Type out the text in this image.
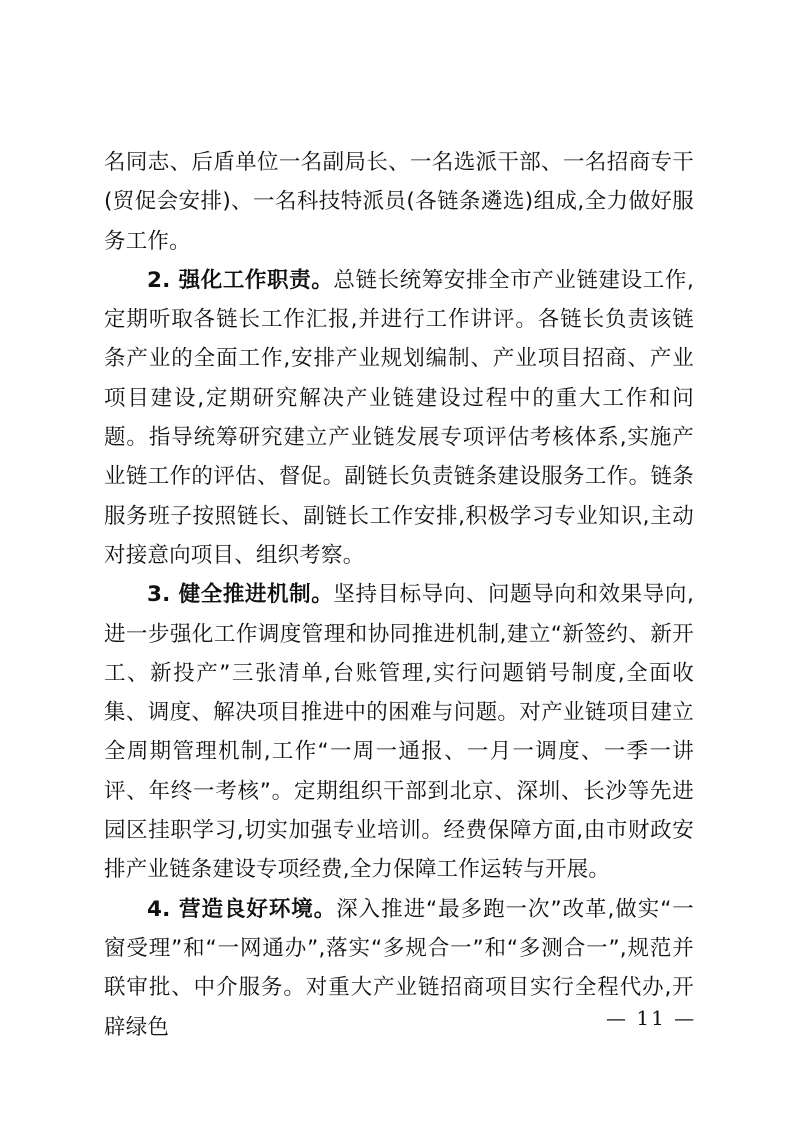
名同志、后盾单位一名副局长、一名选派干部、一名招商专干(贸促会安排)、一名科技特派员(各链条遴选)组成,全力做好服务工作。

2. 强化工作职责。总链长统筹安排全市产业链建设工作,定期听取各链长工作汇报,并进行工作讲评。各链长负责该链条产业的全面工作,安排产业规划编制、产业项目招商、产业项目建设,定期研究解决产业链建设过程中的重大工作和问题。指导统筹研究建立产业链发展专项评估考核体系,实施产业链工作的评估、督促。副链长负责链条建设服务工作。链条服务班子按照链长、副链长工作安排,积极学习专业知识,主动对接意向项目、组织考察。

3. 健全推进机制。坚持目标导向、问题导向和效果导向,进一步强化工作调度管理和协同推进机制,建立“新签约、新开工、新投产”三张清单,台账管理,实行问题销号制度,全面收集、调度、解决项目推进中的困难与问题。对产业链项目建立全周期管理机制,工作“一周一通报、一月一调度、一季一讲评、年终一考核”。定期组织干部到北京、深圳、长沙等先进园区挂职学习,切实加强专业培训。经费保障方面,由市财政安排产业链条建设专项经费,全力保障工作运转与开展。

4. 营造良好环境。深入推进“最多跑一次”改革,做实“一窗受理”和“一网通办”,落实“多规合一”和“多测合一”,规范并联审批、中介服务。对重大产业链招商项目实行全程代办,开辟绿色	— 11 —
